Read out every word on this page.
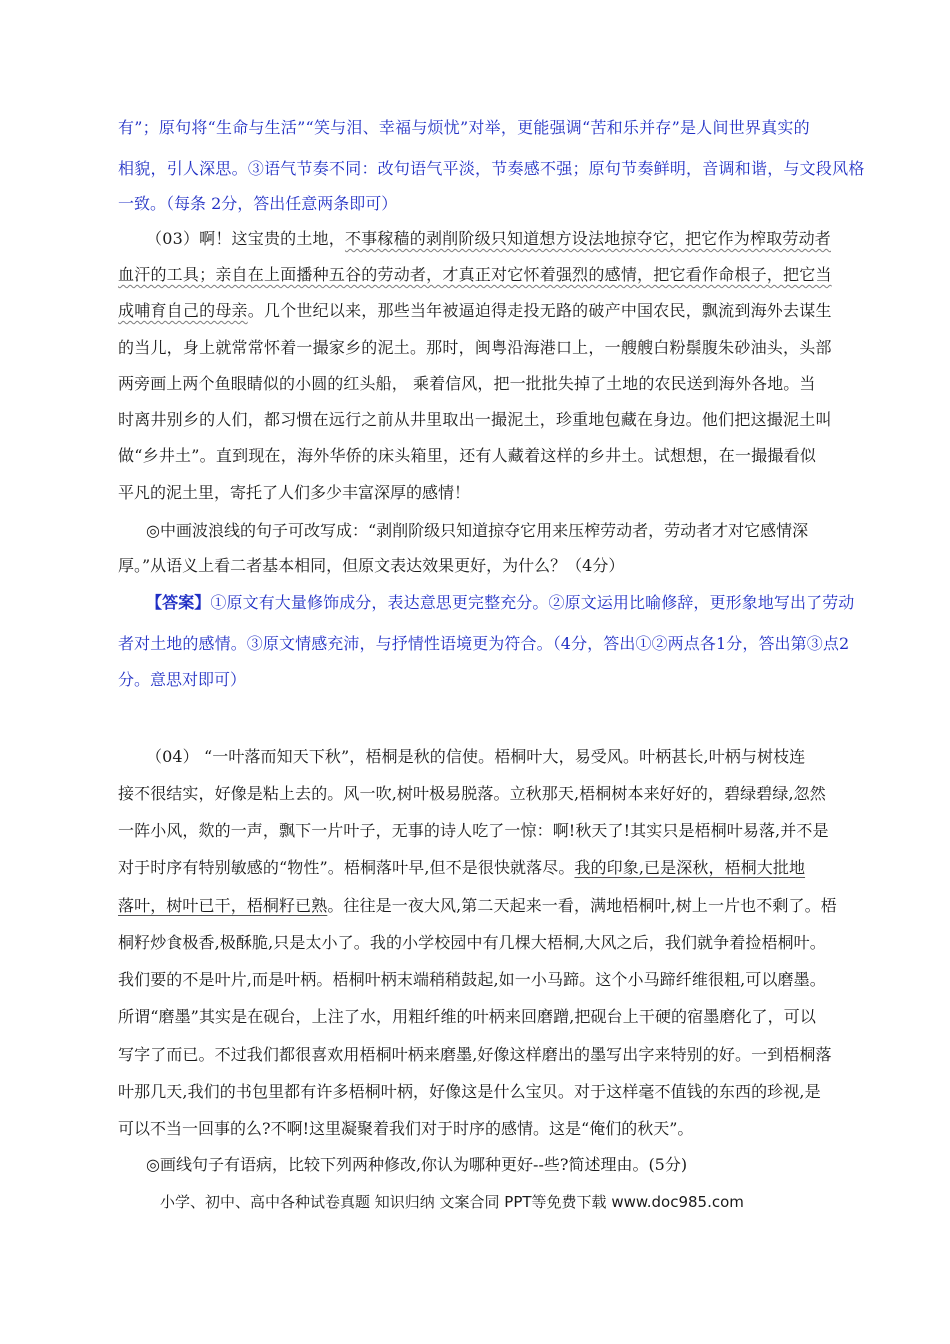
有”；原句将“生命与生活”“笑与泪、幸福与烦忧”对举，更能强调“苦和乐并存”是人间世界真实的
相貌，引人深思。③语气节奏不同：改句语气平淡，节奏感不强；原句节奏鲜明，音调和谐，与文段风格
一致。（每条 2分，答出任意两条即可）
（03）啊！这宝贵的土地，不事稼穑的剥削阶级只知道想方设法地掠夺它，把它作为榨取劳动者
血汗的工具；亲自在上面播种五谷的劳动者，才真正对它怀着强烈的感情，把它看作命根子，把它当
成哺育自己的母亲。几个世纪以来，那些当年被逼迫得走投无路的破产中国农民，飘流到海外去谋生
的当儿，身上就常常怀着一撮家乡的泥土。那时，闽粤沿海港口上，一艘艘白粉鬃腹朱砂油头，头部
两旁画上两个鱼眼睛似的小圆的红头船， 乘着信风，把一批批失掉了土地的农民送到海外各地。当
时离井别乡的人们，都习惯在远行之前从井里取出一撮泥土，珍重地包藏在身边。他们把这撮泥土叫
做“乡井土”。直到现在，海外华侨的床头箱里，还有人藏着这样的乡井土。试想想，在一撮撮看似
平凡的泥土里，寄托了人们多少丰富深厚的感情！
◎中画波浪线的句子可改写成：“剥削阶级只知道掠夺它用来压榨劳动者，劳动者才对它感情深
厚。”从语义上看二者基本相同，但原文表达效果更好，为什么？（4分）
【答案】①原文有大量修饰成分，表达意思更完整充分。②原文运用比喻修辞，更形象地写出了劳动
者对土地的感情。③原文情感充沛，与抒情性语境更为符合。（4分，答出①②两点各1分，答出第③点2
分。意思对即可）
（04） “一叶落而知天下秋”，梧桐是秋的信使。梧桐叶大，易受风。叶柄甚长,叶柄与树枝连
接不很结实，好像是粘上去的。风一吹,树叶极易脱落。立秋那天,梧桐树本来好好的，碧绿碧绿,忽然
一阵小风，欻的一声，飘下一片叶子，无事的诗人吃了一惊：啊!秋天了!其实只是梧桐叶易落,并不是
对于时序有特别敏感的“物性”。梧桐落叶早,但不是很快就落尽。我的印象,已是深秋，梧桐大批地
落叶，树叶已干，梧桐籽已熟。往往是一夜大风,第二天起来一看，满地梧桐叶,树上一片也不剩了。梧
桐籽炒食极香,极酥脆,只是太小了。我的小学校园中有几棵大梧桐,大风之后，我们就争着捡梧桐叶。
我们要的不是叶片,而是叶柄。梧桐叶柄末端稍稍鼓起,如一小马蹄。这个小马蹄纤维很粗,可以磨墨。
所谓“磨墨”其实是在砚台，上注了水，用粗纤维的叶柄来回磨蹭,把砚台上干硬的宿墨磨化了，可以
写字了而已。不过我们都很喜欢用梧桐叶柄来磨墨,好像这样磨出的墨写出字来特别的好。一到梧桐落
叶那几天,我们的书包里都有许多梧桐叶柄，好像这是什么宝贝。对于这样毫不值钱的东西的珍视,是
可以不当一回事的么?不啊!这里凝聚着我们对于时序的感情。这是“俺们的秋天”。
◎画线句子有语病，比较下列两种修改,你认为哪种更好--些?简述理由。(5分)
小学、初中、高中各种试卷真题 知识归纳 文案合同 PPT等免费下载 www.doc985.com
